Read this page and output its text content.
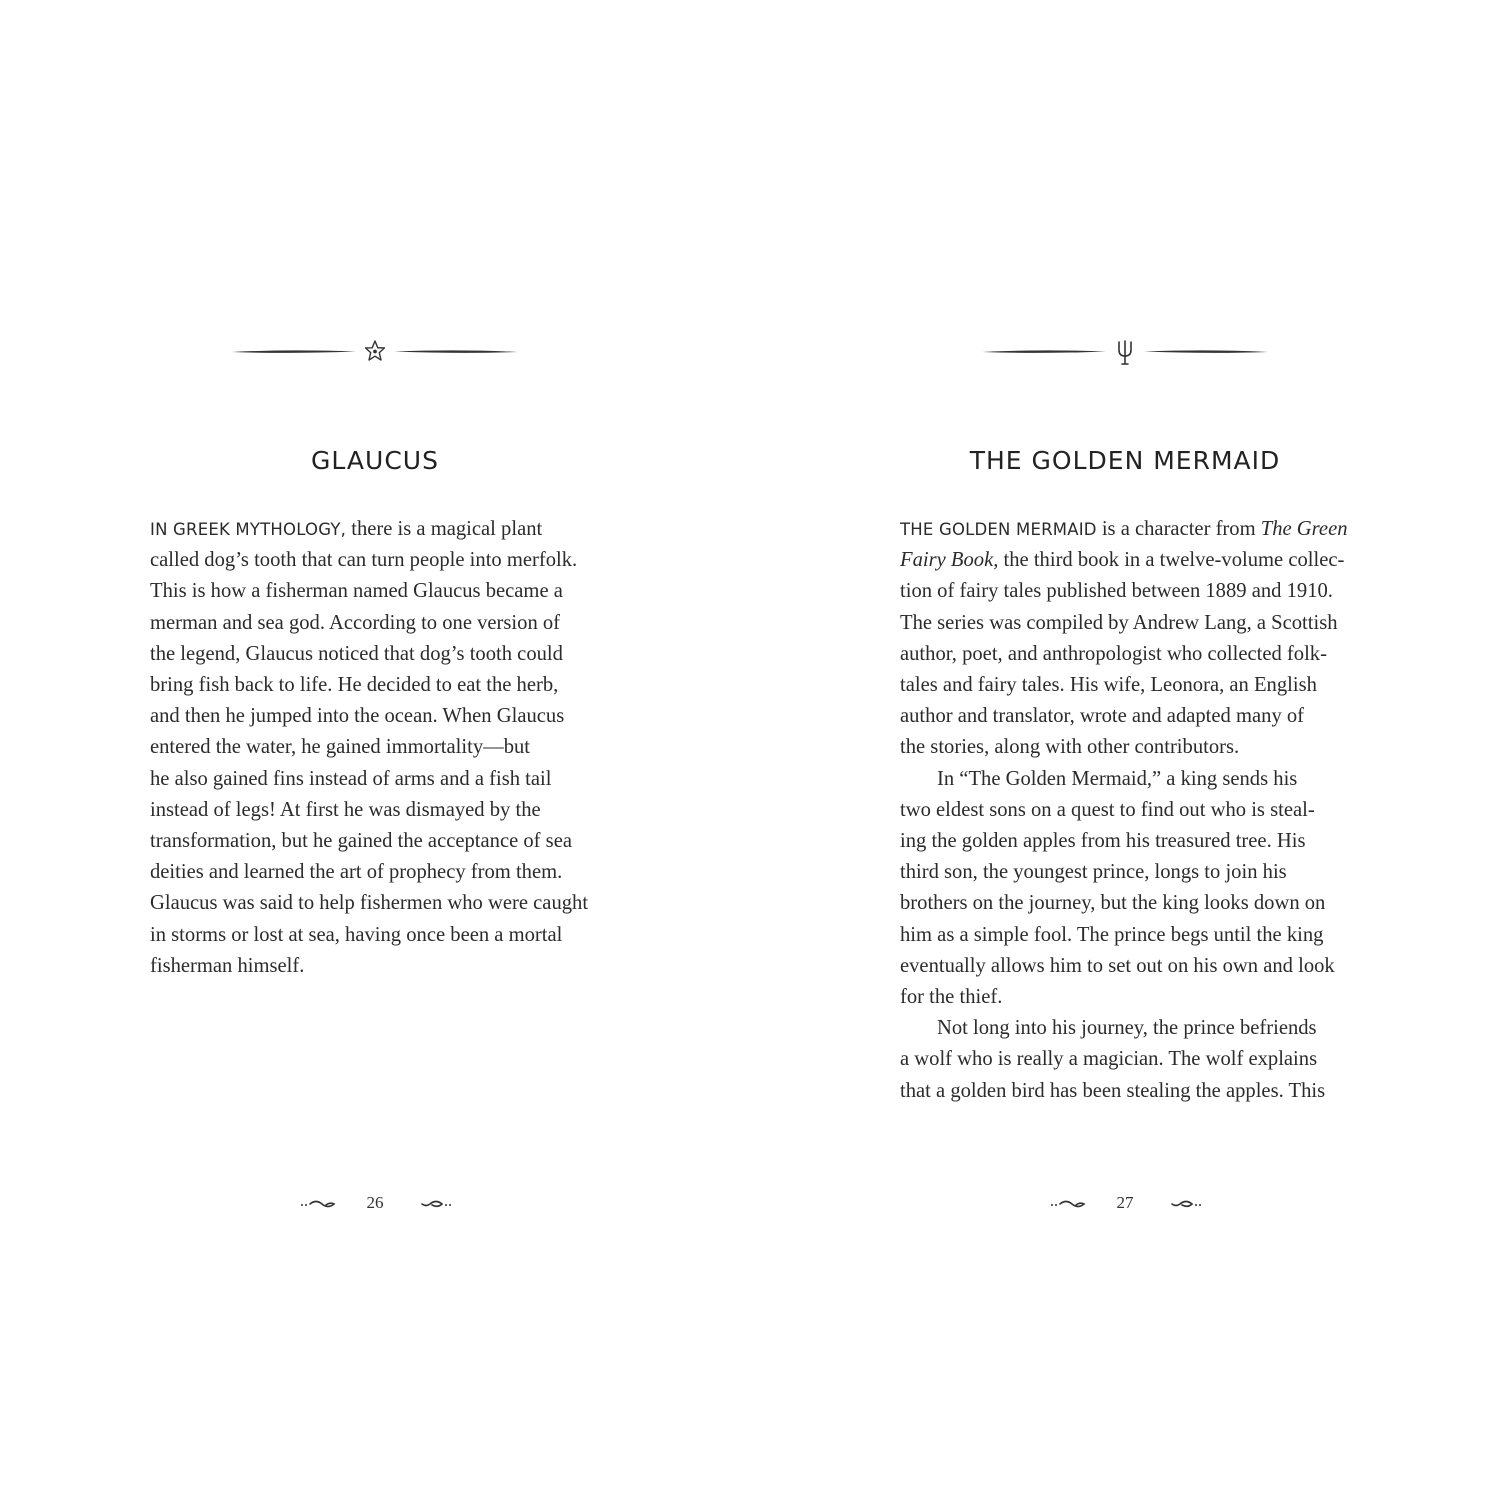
GLAUCUS

IN GREEK MYTHOLOGY, there is a magical plant
called dog’s tooth that can turn people into merfolk.
This is how a fisherman named Glaucus became a
merman and sea god. According to one version of
the legend, Glaucus noticed that dog’s tooth could
bring fish back to life. He decided to eat the herb,
and then he jumped into the ocean. When Glaucus
entered the water, he gained immortality—but
he also gained fins instead of arms and a fish tail
instead of legs! At first he was dismayed by the
transformation, but he gained the acceptance of sea
deities and learned the art of prophecy from them.
Glaucus was said to help fishermen who were caught
in storms or lost at sea, having once been a mortal
fisherman himself.

26
THE GOLDEN MERMAID

THE GOLDEN MERMAID is a character from The Green
Fairy Book, the third book in a twelve-volume collec-
tion of fairy tales published between 1889 and 1910.
The series was compiled by Andrew Lang, a Scottish
author, poet, and anthropologist who collected folk-
tales and fairy tales. His wife, Leonora, an English
author and translator, wrote and adapted many of
the stories, along with other contributors.

In “The Golden Mermaid,” a king sends his
two eldest sons on a quest to find out who is steal-
ing the golden apples from his treasured tree. His
third son, the youngest prince, longs to join his
brothers on the journey, but the king looks down on
him as a simple fool. The prince begs until the king
eventually allows him to set out on his own and look
for the thief.

Not long into his journey, the prince befriends
a wolf who is really a magician. The wolf explains
that a golden bird has been stealing the apples. This

27
